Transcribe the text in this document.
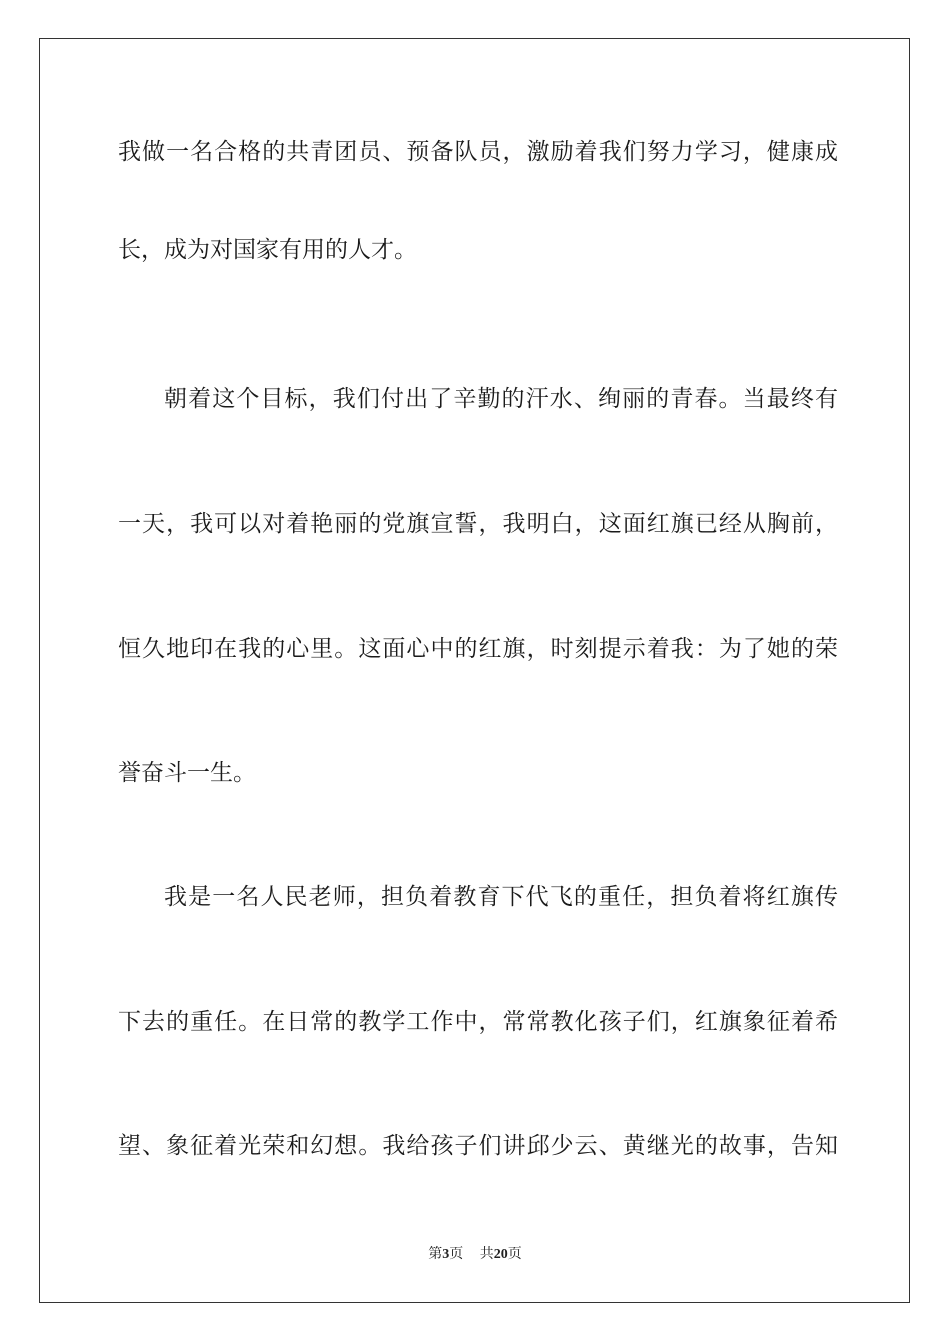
我做一名合格的共青团员、预备队员，激励着我们努力学习，健康成
长，成为对国家有用的人才。
朝着这个目标，我们付出了辛勤的汗水、绚丽的青春。当最终有
一天，我可以对着艳丽的党旗宣誓，我明白，这面红旗已经从胸前，
恒久地印在我的心里。这面心中的红旗，时刻提示着我：为了她的荣
誉奋斗一生。
我是一名人民老师，担负着教育下代飞的重任，担负着将红旗传
下去的重任。在日常的教学工作中，常常教化孩子们，红旗象征着希
望、象征着光荣和幻想。我给孩子们讲邱少云、黄继光的故事，告知
第3页 共20页
